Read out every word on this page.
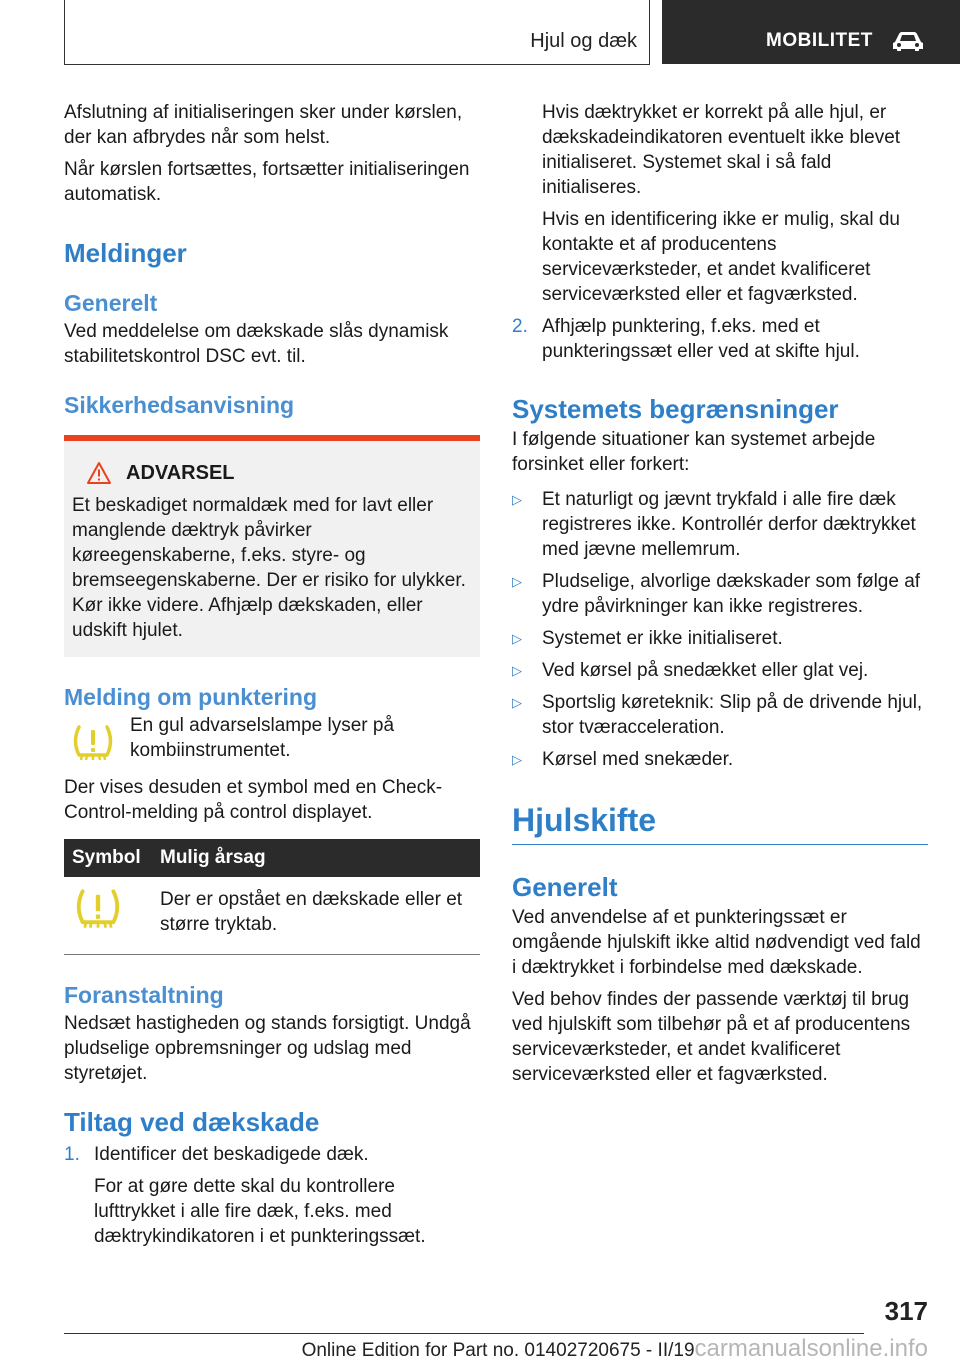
Hjul og dæk	MOBILITET

Afslutning af initialiseringen sker under kørslen, der kan afbrydes når som helst.

Når kørslen fortsættes, fortsætter initialiseringen automatisk.

Meldinger
Generelt

Ved meddelelse om dækskade slås dynamisk stabilitetskontrol DSC evt. til.

Sikkerhedsanvisning
ADVARSEL

Et beskadiget normaldæk med for lavt eller manglende dæktryk påvirker køreegenskaberne, f.eks. styre- og bremseegenskaberne. Der er risiko for ulykker. Kør ikke videre. Afhjælp dækskaden, eller udskift hjulet.

Melding om punktering

En gul advarselslampe lyser på kombiinstrumentet.

Der vises desuden et symbol med en Check-Control-melding på control displayet.

Symbol	Mulig årsag
	Der er opstået en dækskade eller et større tryktab.
Foranstaltning

Nedsæt hastigheden og stands forsigtigt. Undgå pludselige opbremsninger og udslag med styretøjet.

Tiltag ved dækskade
1. Identificer det beskadigede dæk.

For at gøre dette skal du kontrollere lufttrykket i alle fire dæk, f.eks. med dæktrykindikatoren i et punkteringssæt.

Hvis dæktrykket er korrekt på alle hjul, er dækskadeindikatoren eventuelt ikke blevet initialiseret. Systemet skal i så fald initialiseres.

Hvis en identificering ikke er mulig, skal du kontakte et af producentens serviceværksteder, et andet kvalificeret serviceværksted eller et fagværksted.

2. Afhjælp punktering, f.eks. med et punkteringssæt eller ved at skifte hjul.

Systemets begrænsninger

I følgende situationer kan systemet arbejde forsinket eller forkert:

▷	Et naturligt og jævnt trykfald i alle fire dæk registreres ikke. Kontrollér derfor dæktrykket med jævne mellemrum.

▷	Pludselige, alvorlige dækskader som følge af ydre påvirkninger kan ikke registreres.

▷	Systemet er ikke initialiseret.

▷	Ved kørsel på snedækket eller glat vej.

▷	Sportslig køreteknik: Slip på de drivende hjul, stor tværacceleration.

▷	Kørsel med snekæder.

Hjulskifte
Generelt

Ved anvendelse af et punkteringssæt er omgående hjulskift ikke altid nødvendigt ved fald i dæktrykket i forbindelse med dækskade.

Ved behov findes der passende værktøj til brug ved hjulskift som tilbehør på et af producentens serviceværksteder, et andet kvalificeret serviceværksted eller et fagværksted.

317
Online Edition for Part no. 01402720675 - II/19carmanualsonline.info
